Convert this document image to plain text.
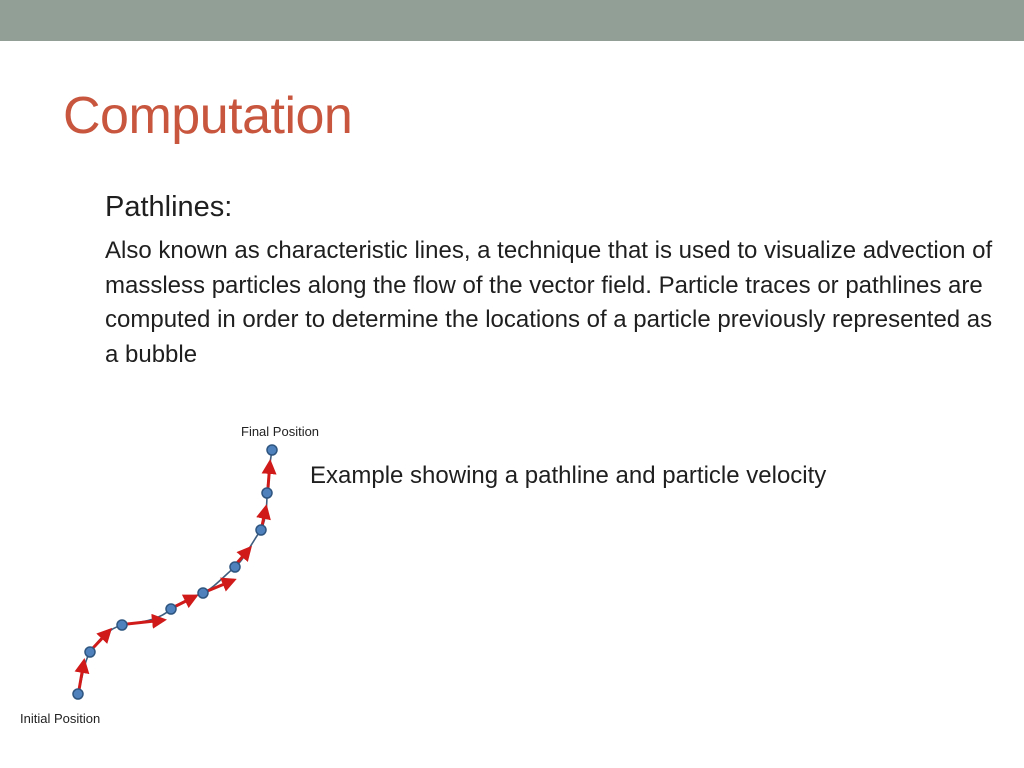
Computation
Pathlines:
Also known as characteristic lines, a technique that is used to visualize advection of massless particles along the flow of the vector field. Particle traces or pathlines are computed in order to determine the locations of a particle previously represented as a bubble
Final Position
Initial Position
Example showing a pathline and particle velocity
